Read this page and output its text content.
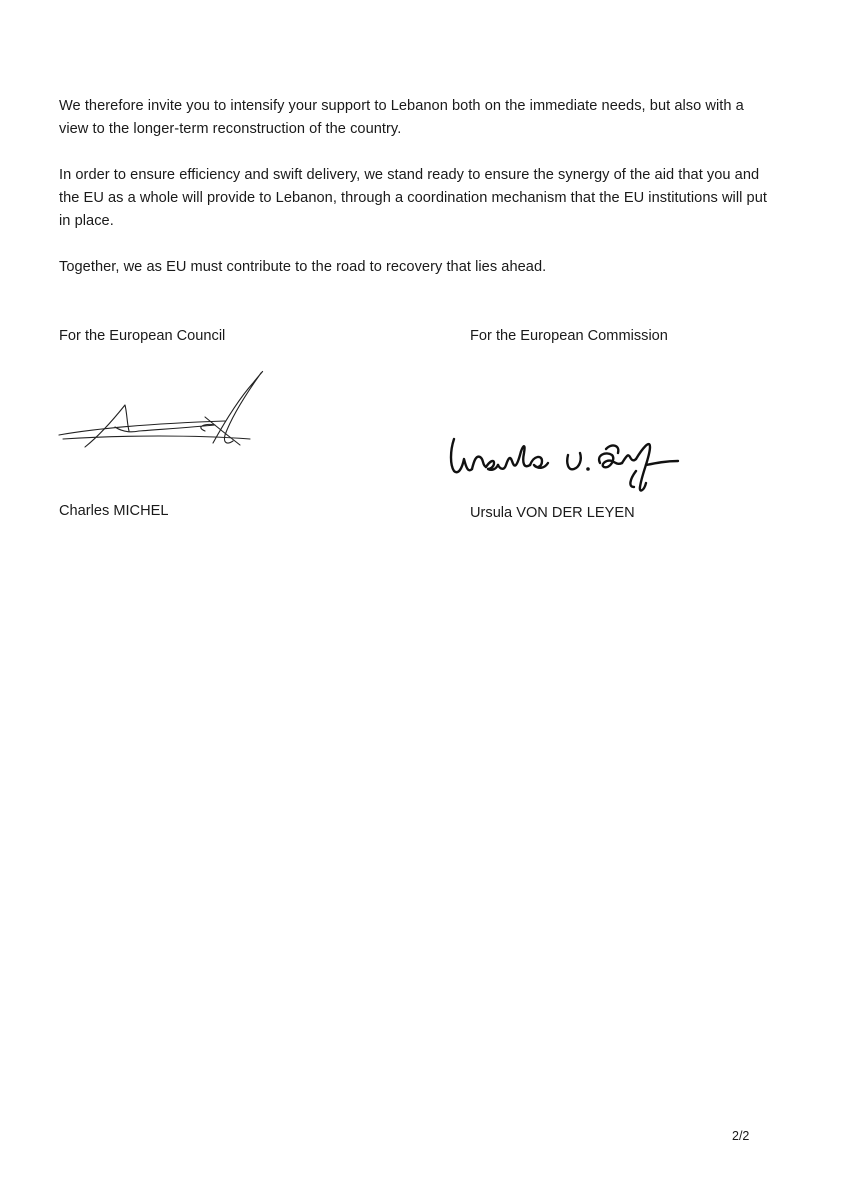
We therefore invite you to intensify your support to Lebanon both on the immediate needs, but also with a view to the longer-term reconstruction of the country.

In order to ensure efficiency and swift delivery, we stand ready to ensure the synergy of the aid that you and the EU as a whole will provide to Lebanon, through a coordination mechanism that the EU institutions will put in place.

Together, we as EU must contribute to the road to recovery that lies ahead.

For the European Council	For the European Commission
Charles MICHEL	Ursula VON DER LEYEN
2/2
